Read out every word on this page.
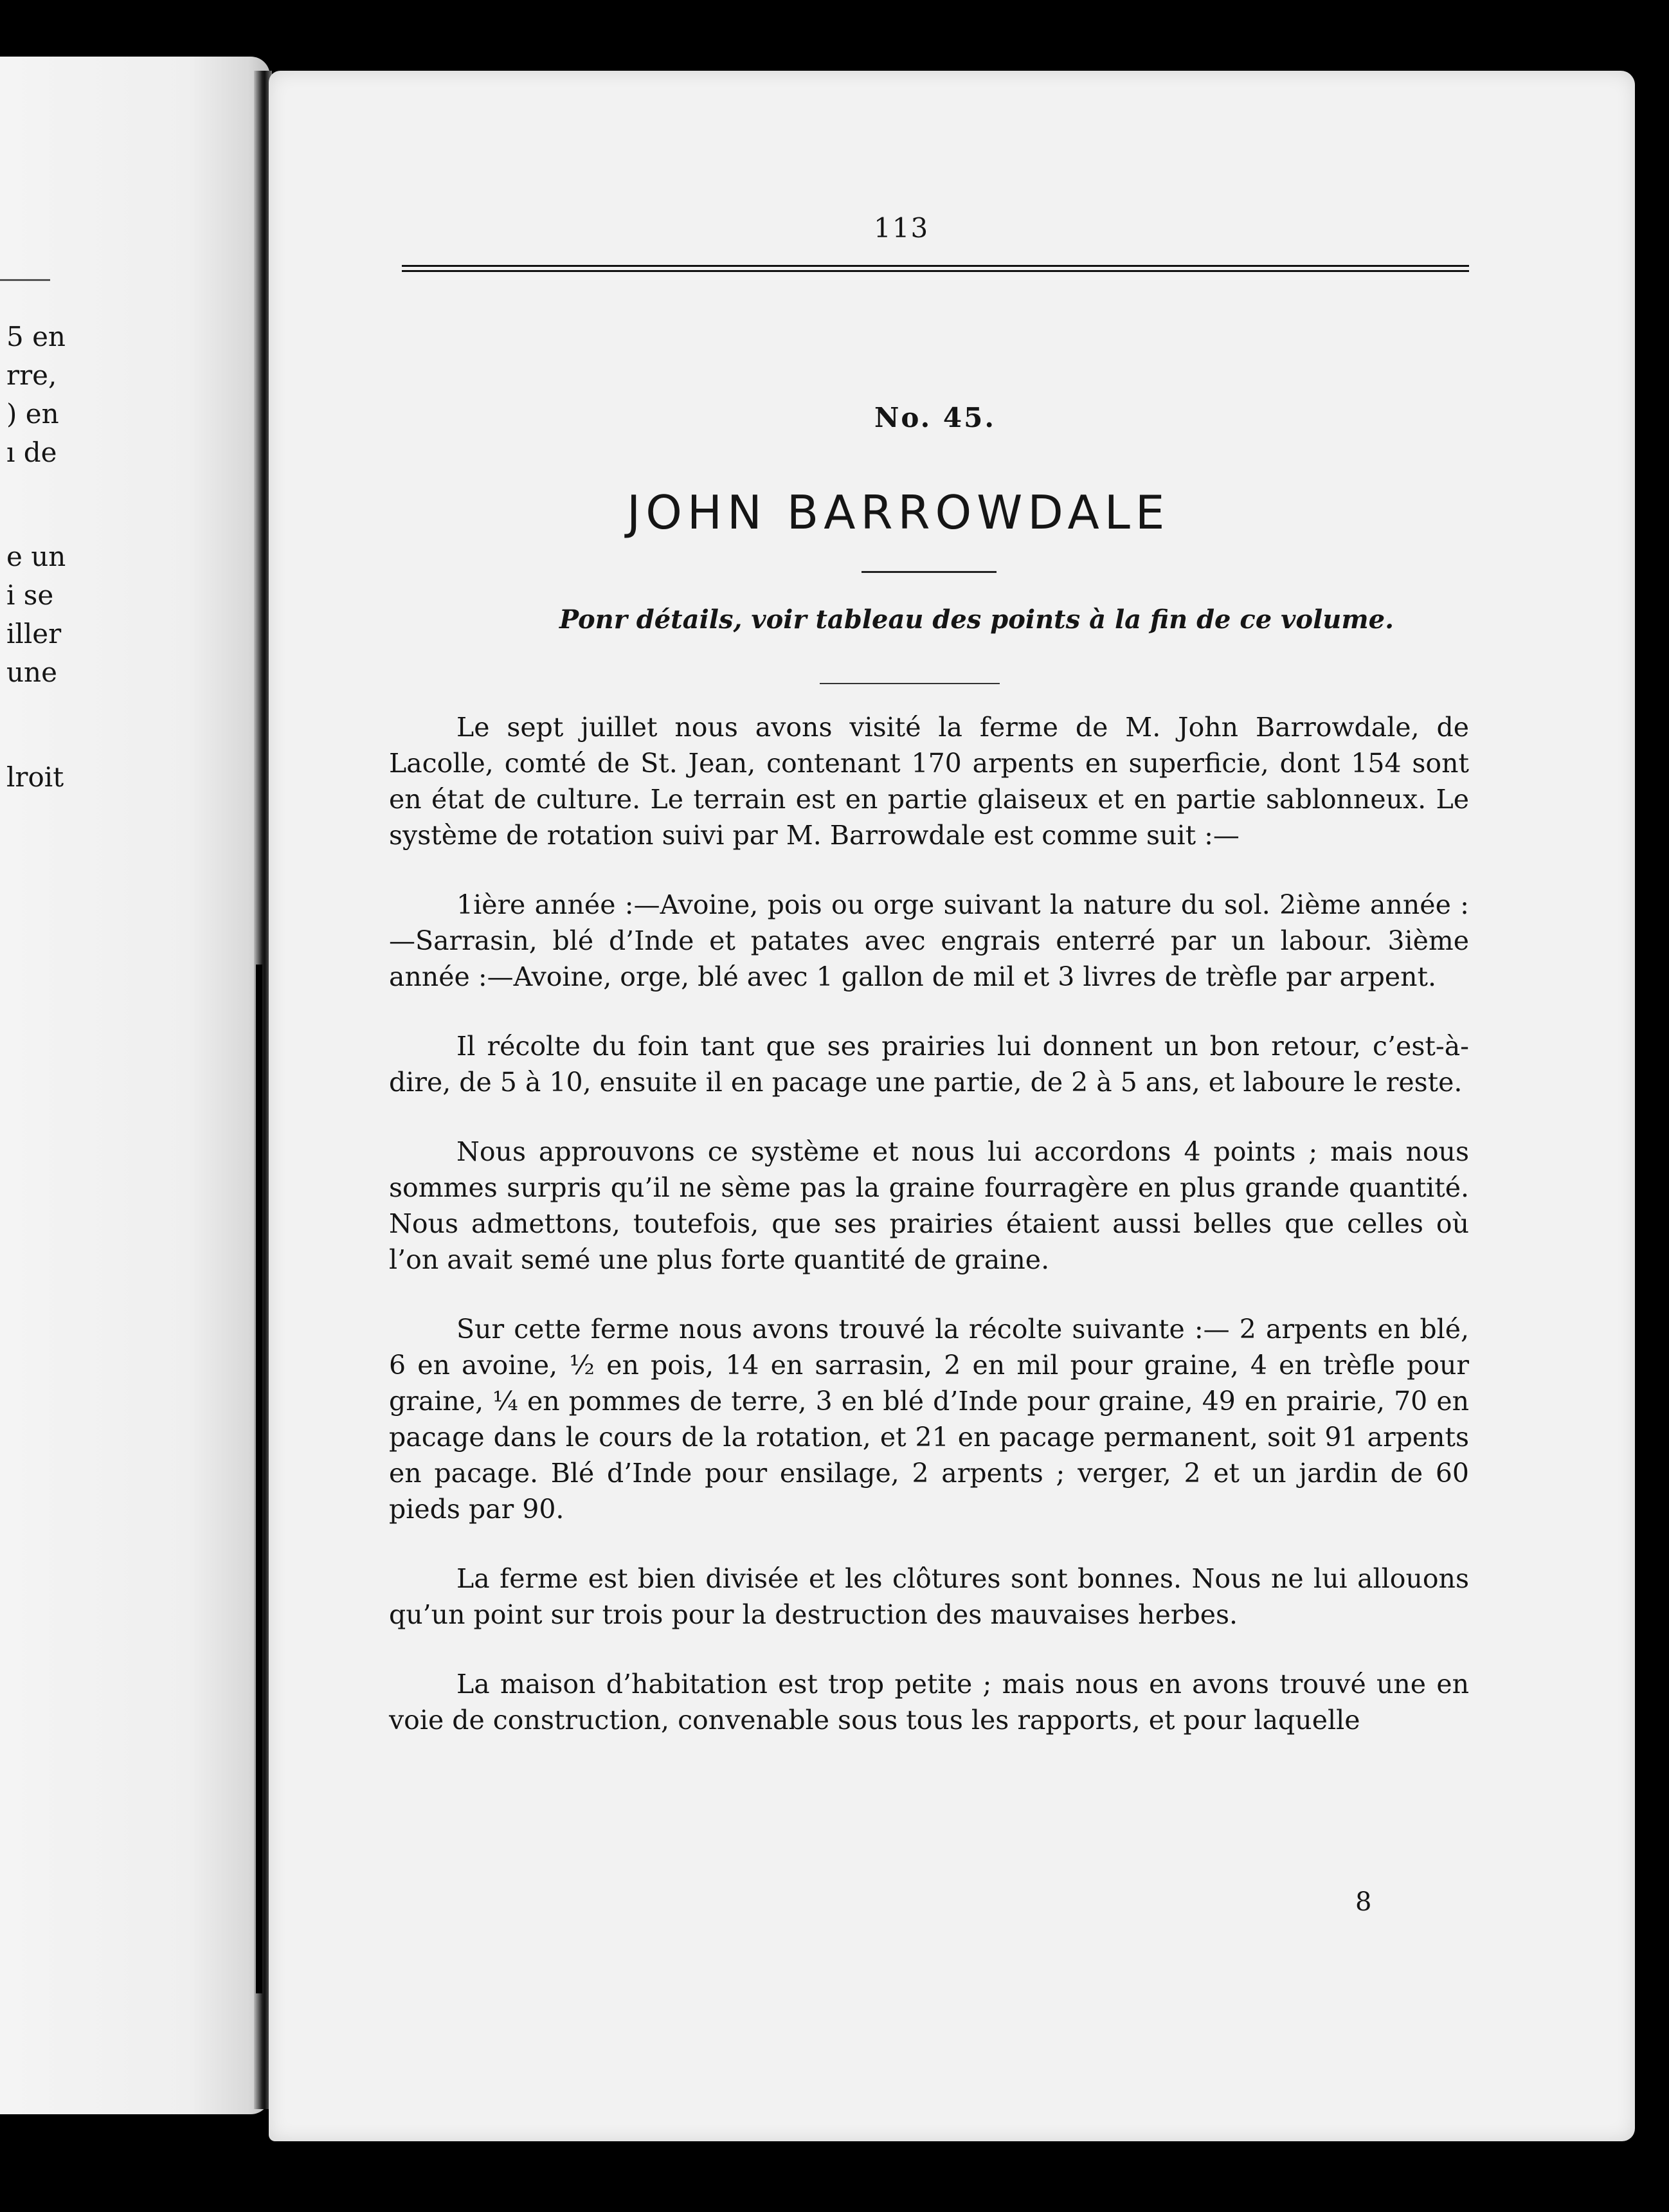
5 en
rre,
) en
ı de
e un
i se
iller
une
lroit
113
No. 45.
JOHN BARROWDALE
Ponr détails, voir tableau des points à la fin de ce volume.

Le sept juillet nous avons visité la ferme de M. John Barrowdale, de Lacolle, comté de St. Jean, contenant 170 arpents en superficie, dont 154 sont en état de culture. Le terrain est en partie glaiseux et en partie sablonneux. Le système de rotation suivi par M. Barrowdale est comme suit :—

1ière année :—Avoine, pois ou orge suivant la nature du sol. 2ième année :—Sarrasin, blé d’Inde et patates avec engrais enterré par un labour. 3ième année :—Avoine, orge, blé avec 1 gallon de mil et 3 livres de trèfle par arpent.

Il récolte du foin tant que ses prairies lui donnent un bon retour, c’est-à-dire, de 5 à 10, ensuite il en pacage une partie, de 2 à 5 ans, et laboure le reste.

Nous approuvons ce système et nous lui accordons 4 points ; mais nous sommes surpris qu’il ne sème pas la graine fourragère en plus grande quantité. Nous admettons, toutefois, que ses prairies étaient aussi belles que celles où l’on avait semé une plus forte quantité de graine.

Sur cette ferme nous avons trouvé la récolte suivante :— 2 arpents en blé, 6 en avoine, ½ en pois, 14 en sarrasin, 2 en mil pour graine, 4 en trèfle pour graine, ¼ en pommes de terre, 3 en blé d’Inde pour graine, 49 en prairie, 70 en pacage dans le cours de la rotation, et 21 en pacage permanent, soit 91 arpents en pacage. Blé d’Inde pour ensilage, 2 arpents ; verger, 2 et un jardin de 60 pieds par 90.

La ferme est bien divisée et les clôtures sont bonnes. Nous ne lui allouons qu’un point sur trois pour la destruction des mauvaises herbes.

La maison d’habitation est trop petite ; mais nous en avons trouvé une en voie de construction, convenable sous tous les rapports, et pour laquelle

8
